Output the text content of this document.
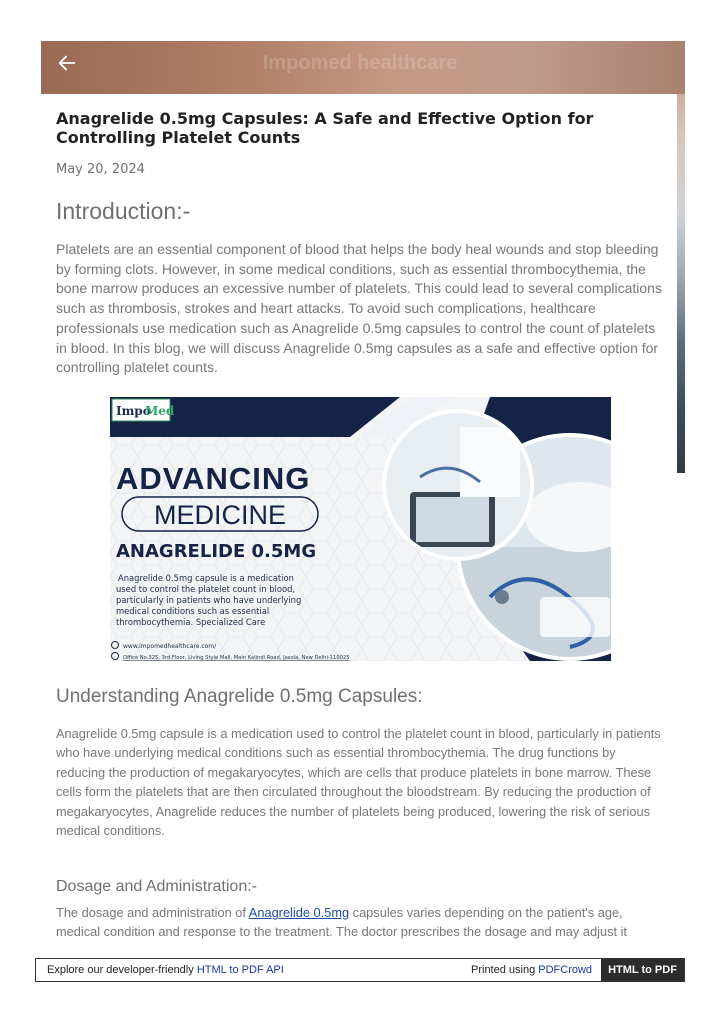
Impomed healthcare
Anagrelide 0.5mg Capsules: A Safe and Effective Option for Controlling Platelet Counts
May 20, 2024
Introduction:-

Platelets are an essential component of blood that helps the body heal wounds and stop bleeding by forming clots. However, in some medical conditions, such as essential thrombocythemia, the bone marrow produces an excessive number of platelets. This could lead to several complications such as thrombosis, strokes and heart attacks. To avoid such complications, healthcare professionals use medication such as Anagrelide 0.5mg capsules to control the count of platelets in blood. In this blog, we will discuss Anagrelide 0.5mg capsules as a safe and effective option for controlling platelet counts.

Impo
Med
ADVANCING
MEDICINE
ANAGRELIDE 0.5MG
Anagrelide 0.5mg capsule is a medication
used to control the platelet count in blood,
particularly in patients who have underlying
medical conditions such as essential
thrombocythemia. Specialized Care
www.impomedhealthcare.com/
Office No.325, 3rd Floor, Living Style Mall, Main Kalindi Road, Jasola, New Delhi-110025
Understanding Anagrelide 0.5mg Capsules:

Anagrelide 0.5mg capsule is a medication used to control the platelet count in blood, particularly in patients who have underlying medical conditions such as essential thrombocythemia. The drug functions by reducing the production of megakaryocytes, which are cells that produce platelets in bone marrow. These cells form the platelets that are then circulated throughout the bloodstream. By reducing the production of megakaryocytes, Anagrelide reduces the number of platelets being produced, lowering the risk of serious medical conditions.

Dosage and Administration:-

The dosage and administration of Anagrelide 0.5mg capsules varies depending on the patient's age, medical condition and response to the treatment. The doctor prescribes the dosage and may adjust it

Explore our developer-friendly HTML to PDF API	Printed using PDFCrowd	HTML to PDF
